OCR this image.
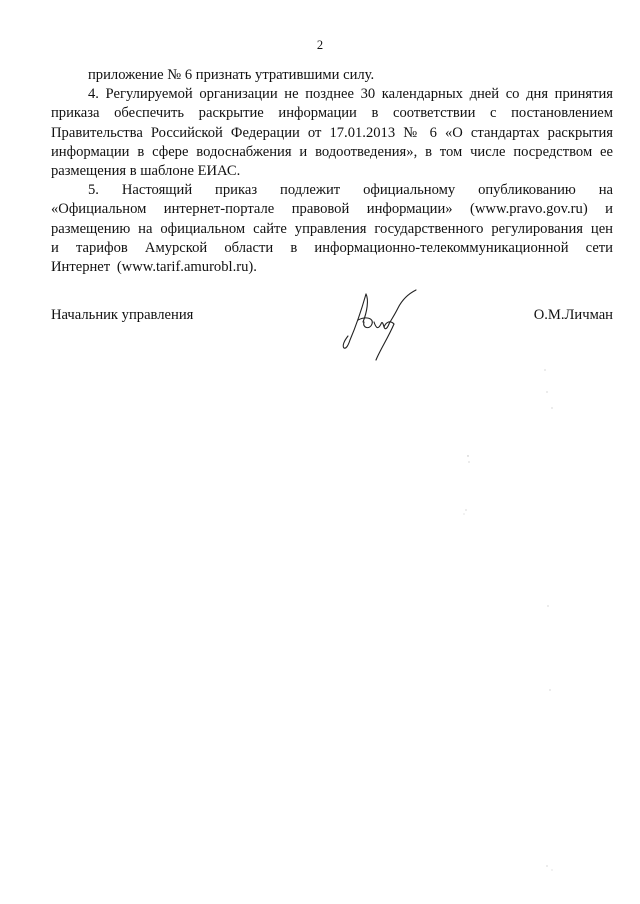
2

приложение № 6 признать утратившими силу.

4. Регулируемой организации не позднее 30 календарных дней со дня принятия приказа обеспечить раскрытие информации в соответствии с постановлением Правительства Российской Федерации от 17.01.2013 № 6 «О стандартах раскрытия информации в сфере водоснабжения и водоотведения», в том числе посредством ее размещения в шаблоне ЕИАС.

5. Настоящий приказ подлежит официальному опубликованию на «Официальном интернет-портале правовой информации» (www.pravo.gov.ru) и размещению на официальном сайте управления государственного регулирования цен и тарифов Амурской области в информационно-телекоммуникационной сети Интернет (www.tarif.amurobl.ru).

Начальник управления	О.М.Личман
